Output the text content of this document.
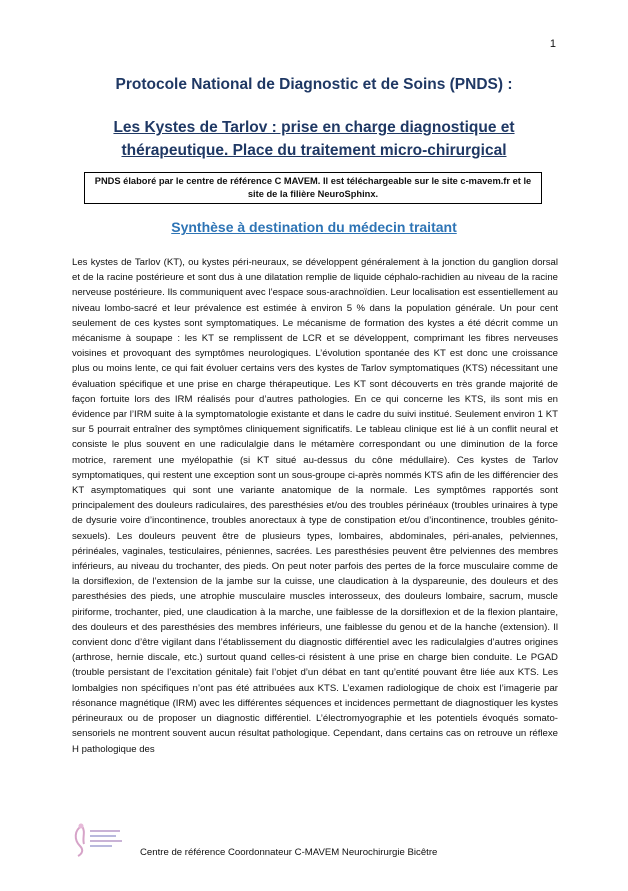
1
Protocole National de Diagnostic et de Soins (PNDS) :
Les Kystes de Tarlov : prise en charge diagnostique et thérapeutique. Place du traitement micro-chirurgical
PNDS élaboré par le centre de référence C MAVEM. Il est téléchargeable sur le site c-mavem.fr et le site de la filière NeuroSphinx.
Synthèse à destination du médecin traitant

Les kystes de Tarlov (KT), ou kystes péri-neuraux, se développent généralement à la jonction du ganglion dorsal et de la racine postérieure et sont dus à une dilatation remplie de liquide céphalo-rachidien au niveau de la racine nerveuse postérieure. Ils communiquent avec l’espace sous-arachnoïdien. Leur localisation est essentiellement au niveau lombo-sacré et leur prévalence est estimée à environ 5 % dans la population générale. Un pour cent seulement de ces kystes sont symptomatiques. Le mécanisme de formation des kystes a été décrit comme un mécanisme à soupape : les KT se remplissent de LCR et se développent, comprimant les fibres nerveuses voisines et provoquant des symptômes neurologiques. L’évolution spontanée des KT est donc une croissance plus ou moins lente, ce qui fait évoluer certains vers des kystes de Tarlov symptomatiques (KTS) nécessitant une évaluation spécifique et une prise en charge thérapeutique. Les KT sont découverts en très grande majorité de façon fortuite lors des IRM réalisés pour d’autres pathologies. En ce qui concerne les KTS, ils sont mis en évidence par l’IRM suite à la symptomatologie existante et dans le cadre du suivi institué. Seulement environ 1 KT sur 5 pourrait entraîner des symptômes cliniquement significatifs. Le tableau clinique est lié à un conflit neural et consiste le plus souvent en une radiculalgie dans le métamère correspondant ou une diminution de la force motrice, rarement une myélopathie (si KT situé au-dessus du cône médullaire). Ces kystes de Tarlov symptomatiques, qui restent une exception sont un sous-groupe ci-après nommés KTS afin de les différencier des KT asymptomatiques qui sont une variante anatomique de la normale. Les symptômes rapportés sont principalement des douleurs radiculaires, des paresthésies et/ou des troubles périnéaux (troubles urinaires à type de dysurie voire d’incontinence, troubles anorectaux à type de constipation et/ou d’incontinence, troubles génito-sexuels). Les douleurs peuvent être de plusieurs types, lombaires, abdominales, péri-anales, pelviennes, périnéales, vaginales, testiculaires, péniennes, sacrées. Les paresthésies peuvent être pelviennes des membres inférieurs, au niveau du trochanter, des pieds. On peut noter parfois des pertes de la force musculaire comme de la dorsiflexion, de l’extension de la jambe sur la cuisse, une claudication à la dyspareunie, des douleurs et des paresthésies des pieds, une atrophie musculaire muscles interosseux, des douleurs lombaire, sacrum, muscle piriforme, trochanter, pied, une claudication à la marche, une faiblesse de la dorsiflexion et de la flexion plantaire, des douleurs et des paresthésies des membres inférieurs, une faiblesse du genou et de la hanche (extension). Il convient donc d’être vigilant dans l’établissement du diagnostic différentiel avec les radiculalgies d’autres origines (arthrose, hernie discale, etc.) surtout quand celles-ci résistent à une prise en charge bien conduite. Le PGAD (trouble persistant de l’excitation génitale) fait l’objet d’un débat en tant qu’entité pouvant être liée aux KTS. Les lombalgies non spécifiques n’ont pas été attribuées aux KTS. L’examen radiologique de choix est l’imagerie par résonance magnétique (IRM) avec les différentes séquences et incidences permettant de diagnostiquer les kystes périneuraux ou de proposer un diagnostic différentiel. L’électromyographie et les potentiels évoqués somato-sensoriels ne montrent souvent aucun résultat pathologique. Cependant, dans certains cas on retrouve un réflexe H pathologique des

Centre de référence Coordonnateur C-MAVEM Neurochirurgie Bicêtre
